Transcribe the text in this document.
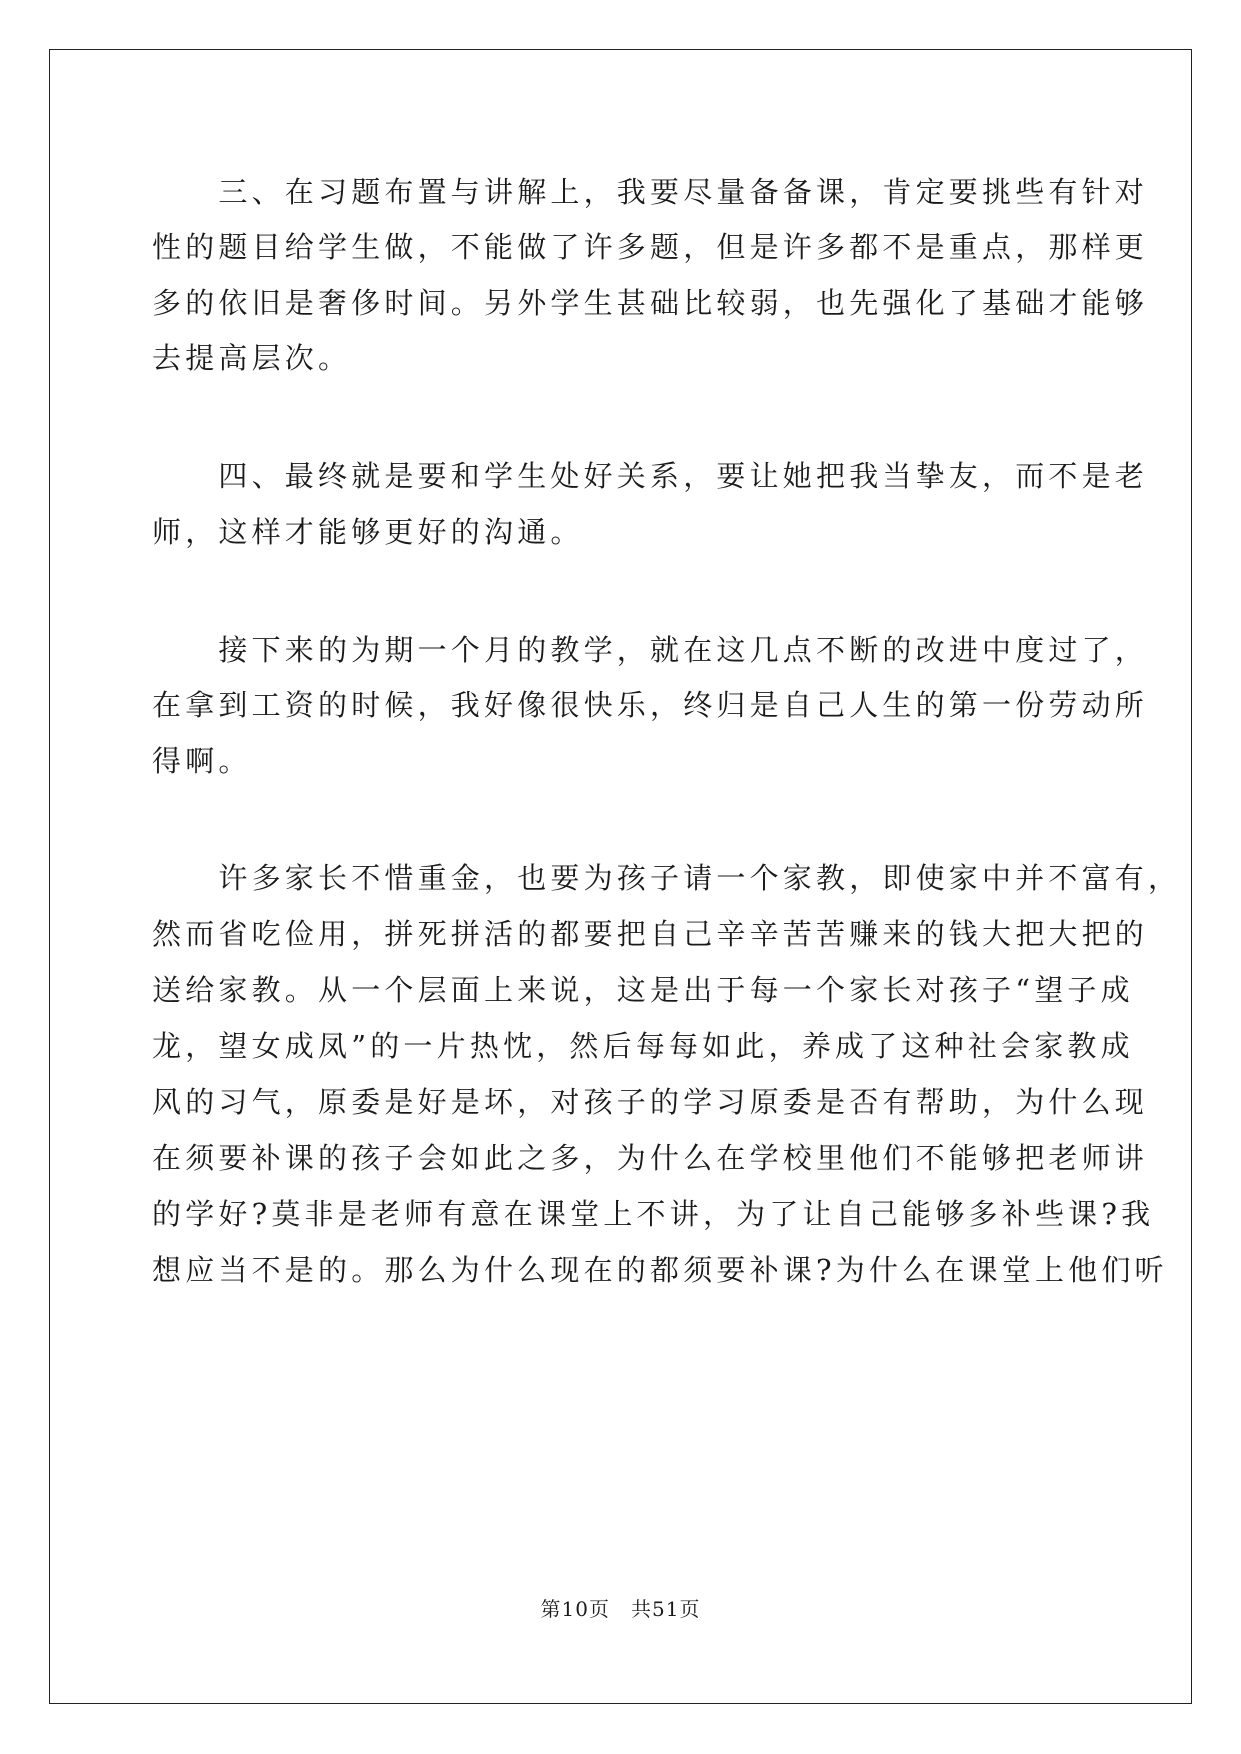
　　三、在习题布置与讲解上，我要尽量备备课，肯定要挑些有针对
性的题目给学生做，不能做了许多题，但是许多都不是重点，那样更
多的依旧是奢侈时间。另外学生甚础比较弱，也先强化了基础才能够
去提高层次。
　　四、最终就是要和学生处好关系，要让她把我当挚友，而不是老
师，这样才能够更好的沟通。
　　接下来的为期一个月的教学，就在这几点不断的改进中度过了，
在拿到工资的时候，我好像很快乐，终归是自己人生的第一份劳动所
得啊。
　　许多家长不惜重金，也要为孩子请一个家教，即使家中并不富有，
然而省吃俭用，拼死拼活的都要把自己辛辛苦苦赚来的钱大把大把的
送给家教。从一个层面上来说，这是出于每一个家长对孩子“望子成
龙，望女成凤”的一片热忱，然后每每如此，养成了这种社会家教成
风的习气，原委是好是坏，对孩子的学习原委是否有帮助，为什么现
在须要补课的孩子会如此之多，为什么在学校里他们不能够把老师讲
的学好?莫非是老师有意在课堂上不讲，为了让自己能够多补些课?我
想应当不是的。那么为什么现在的都须要补课?为什么在课堂上他们听
第10页　共51页
